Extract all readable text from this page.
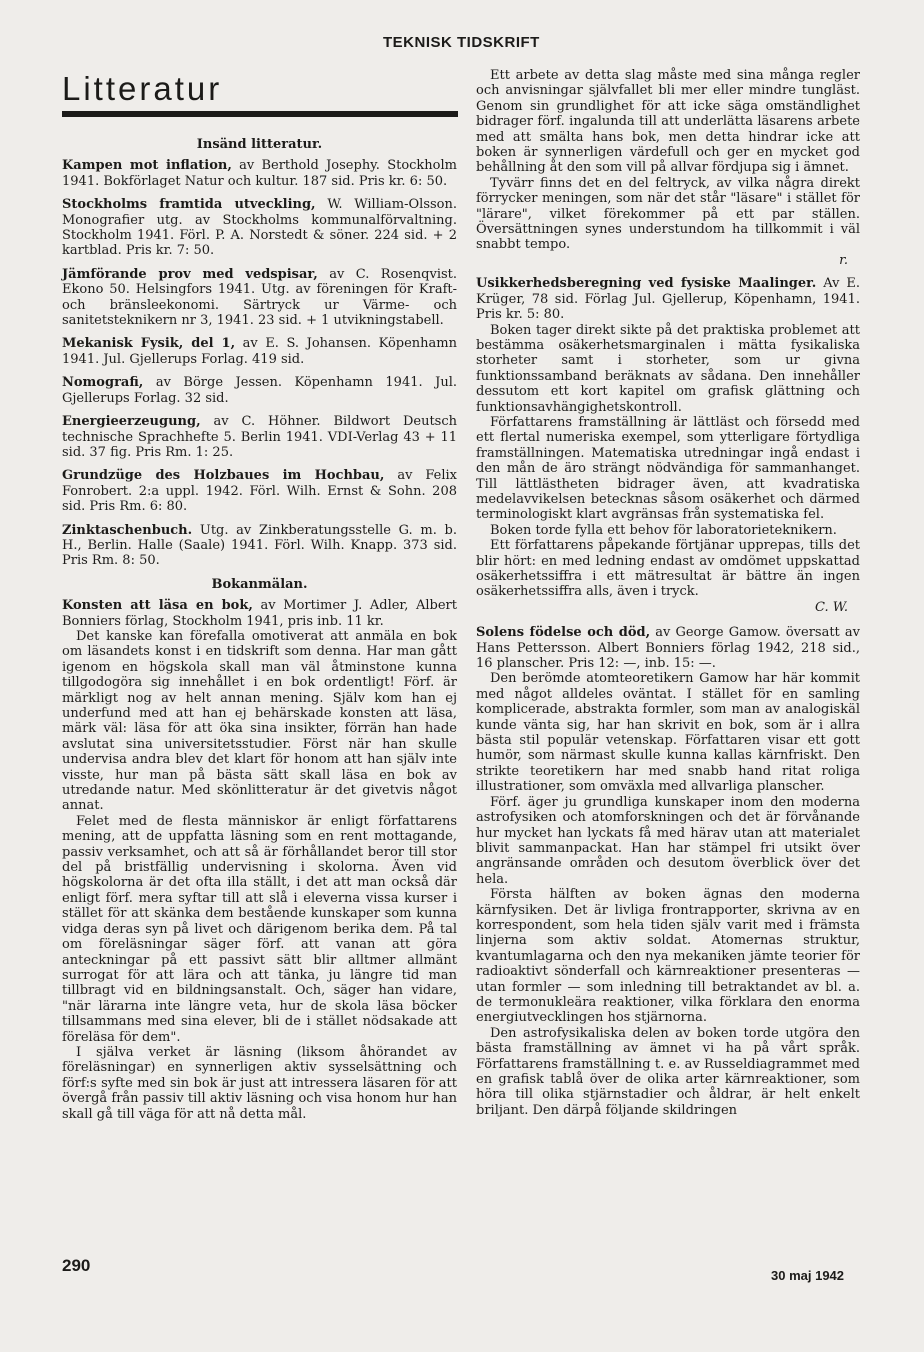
TEKNISK TIDSKRIFT
Litteratur
Insänd litteratur.

Kampen mot inflation, av Berthold Josephy. Stockholm 1941. Bokförlaget Natur och kultur. 187 sid. Pris kr. 6: 50.

Stockholms framtida utveckling, W. William-Olsson. Monografier utg. av Stockholms kommunalförvaltning. Stockholm 1941. Förl. P. A. Norstedt & söner. 224 sid. + 2 kartblad. Pris kr. 7: 50.

Jämförande prov med vedspisar, av C. Rosenqvist. Ekono 50. Helsingfors 1941. Utg. av föreningen för Kraft- och bränsleekonomi. Särtryck ur Värme- och sanitetsteknikern nr 3, 1941. 23 sid. + 1 utvikningstabell.

Mekanisk Fysik, del 1, av E. S. Johansen. Köpenhamn 1941. Jul. Gjellerups Forlag. 419 sid.

Nomografi, av Börge Jessen. Köpenhamn 1941. Jul. Gjellerups Forlag. 32 sid.

Energieerzeugung, av C. Höhner. Bildwort Deutsch technische Sprachhefte 5. Berlin 1941. VDI-Verlag 43 + 11 sid. 37 fig. Pris Rm. 1: 25.

Grundzüge des Holzbaues im Hochbau, av Felix Fonrobert. 2:a uppl. 1942. Förl. Wilh. Ernst & Sohn. 208 sid. Pris Rm. 6: 80.

Zinktaschenbuch. Utg. av Zinkberatungsstelle G. m. b. H., Berlin. Halle (Saale) 1941. Förl. Wilh. Knapp. 373 sid. Pris Rm. 8: 50.

Bokanmälan.

Konsten att läsa en bok, av Mortimer J. Adler, Albert Bonniers förlag, Stockholm 1941, pris inb. 11 kr.

Det kanske kan förefalla omotiverat att anmäla en bok om läsandets konst i en tidskrift som denna. Har man gått igenom en högskola skall man väl åtminstone kunna tillgodogöra sig innehållet i en bok ordentligt! Förf. är märkligt nog av helt annan mening. Själv kom han ej underfund med att han ej behärskade konsten att läsa, märk väl: läsa för att öka sina insikter, förrän han hade avslutat sina universitetsstudier. Först när han skulle undervisa andra blev det klart för honom att han själv inte visste, hur man på bästa sätt skall läsa en bok av utredande natur. Med skönlitteratur är det givetvis något annat.

Felet med de flesta människor är enligt författarens mening, att de uppfatta läsning som en rent mottagande, passiv verksamhet, och att så är förhållandet beror till stor del på bristfällig undervisning i skolorna. Även vid högskolorna är det ofta illa ställt, i det att man också där enligt förf. mera syftar till att slå i eleverna vissa kurser i stället för att skänka dem bestående kunskaper som kunna vidga deras syn på livet och därigenom berika dem. På tal om föreläsningar säger förf. att vanan att göra anteckningar på ett passivt sätt blir alltmer allmänt surrogat för att lära och att tänka, ju längre tid man tillbragt vid en bildningsanstalt. Och, säger han vidare, "när lärarna inte längre veta, hur de skola läsa böcker tillsammans med sina elever, bli de i stället nödsakade att föreläsa för dem".

I själva verket är läsning (liksom åhörandet av föreläsningar) en synnerligen aktiv sysselsättning och förf:s syfte med sin bok är just att intressera läsaren för att övergå från passiv till aktiv läsning och visa honom hur han skall gå till väga för att nå detta mål.

Ett arbete av detta slag måste med sina många regler och anvisningar självfallet bli mer eller mindre tungläst. Genom sin grundlighet för att icke säga omständlighet bidrager förf. ingalunda till att underlätta läsarens arbete med att smälta hans bok, men detta hindrar icke att boken är synnerligen värdefull och ger en mycket god behållning åt den som vill på allvar fördjupa sig i ämnet.

Tyvärr finns det en del feltryck, av vilka några direkt förrycker meningen, som när det står "läsare" i stället för "lärare", vilket förekommer på ett par ställen. Översättningen synes understundom ha tillkommit i väl snabbt tempo.

r.

Usikkerhedsberegning ved fysiske Maalinger. Av E. Krüger, 78 sid. Förlag Jul. Gjellerup, Köpenhamn, 1941. Pris kr. 5: 80.

Boken tager direkt sikte på det praktiska problemet att bestämma osäkerhetsmarginalen i mätta fysikaliska storheter samt i storheter, som ur givna funktionssamband beräknats av sådana. Den innehåller dessutom ett kort kapitel om grafisk glättning och funktionsavhängighetskontroll.

Författarens framställning är lättläst och försedd med ett flertal numeriska exempel, som ytterligare förtydliga framställningen. Matematiska utredningar ingå endast i den mån de äro strängt nödvändiga för sammanhanget. Till lättlästheten bidrager även, att kvadratiska medelavvikelsen betecknas såsom osäkerhet och därmed terminologiskt klart avgränsas från systematiska fel.

Boken torde fylla ett behov för laboratorieteknikern.

Ett författarens påpekande förtjänar upprepas, tills det blir hört: en med ledning endast av omdömet uppskattad osäkerhetssiffra i ett mätresultat är bättre än ingen osäkerhetssiffra alls, även i tryck.

C. W.

Solens födelse och död, av George Gamow. översatt av Hans Pettersson. Albert Bonniers förlag 1942, 218 sid., 16 planscher. Pris 12: —, inb. 15: —.

Den berömde atomteoretikern Gamow har här kommit med något alldeles oväntat. I stället för en samling komplicerade, abstrakta formler, som man av analogiskäl kunde vänta sig, har han skrivit en bok, som är i allra bästa stil populär vetenskap. Författaren visar ett gott humör, som närmast skulle kunna kallas kärnfriskt. Den strikte teoretikern har med snabb hand ritat roliga illustrationer, som omväxla med allvarliga planscher.

Förf. äger ju grundliga kunskaper inom den moderna astrofysiken och atomforskningen och det är förvånande hur mycket han lyckats få med härav utan att materialet blivit sammanpackat. Han har stämpel fri utsikt över angränsande områden och desutom överblick över det hela.

Första hälften av boken ägnas den moderna kärnfysiken. Det är livliga frontrapporter, skrivna av en korrespondent, som hela tiden själv varit med i främsta linjerna som aktiv soldat. Atomernas struktur, kvantumlagarna och den nya mekaniken jämte teorier för radioaktivt sönderfall och kärnreaktioner presenteras — utan formler — som inledning till betraktandet av bl. a. de termonukleära reaktioner, vilka förklara den enorma energiutvecklingen hos stjärnorna.

Den astrofysikaliska delen av boken torde utgöra den bästa framställning av ämnet vi ha på vårt språk. Författarens framställning t. e. av Russeldiagrammet med en grafisk tablå över de olika arter kärnreaktioner, som höra till olika stjärnstadier och åldrar, är helt enkelt briljant. Den därpå följande skildringen

290
30 maj 1942
